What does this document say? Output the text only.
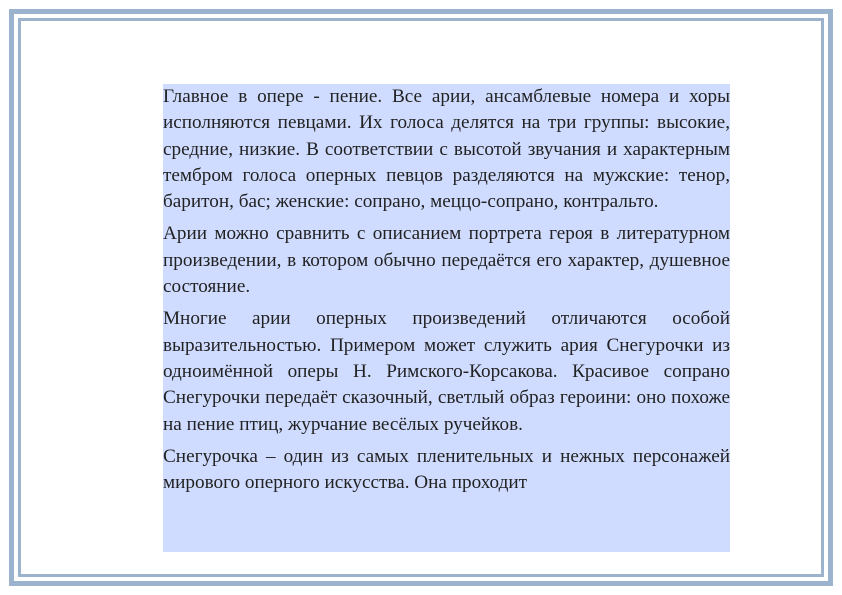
Главное в опере - пение. Все арии, ансамблевые номера и хоры исполняются певцами. Их голоса делятся на три группы: высокие, средние, низкие. В соответствии с высотой звучания и характерным тембром голоса оперных певцов разделяются на мужские: тенор, баритон, бас; женские: сопрано, меццо-сопрано, контральто.

Арии можно сравнить с описанием портрета героя в литературном произведении, в котором обычно передаётся его характер, душевное состояние.

Многие арии оперных произведений отличаются особой выразительностью. Примером может служить ария Снегурочки из одноимённой оперы Н. Римского-Корсакова. Красивое сопрано Снегурочки передаёт сказочный, светлый образ героини: оно похоже на пение птиц, журчание весёлых ручейков.

Снегурочка – один из самых пленительных и нежных персонажей мирового оперного искусства. Она проходит
